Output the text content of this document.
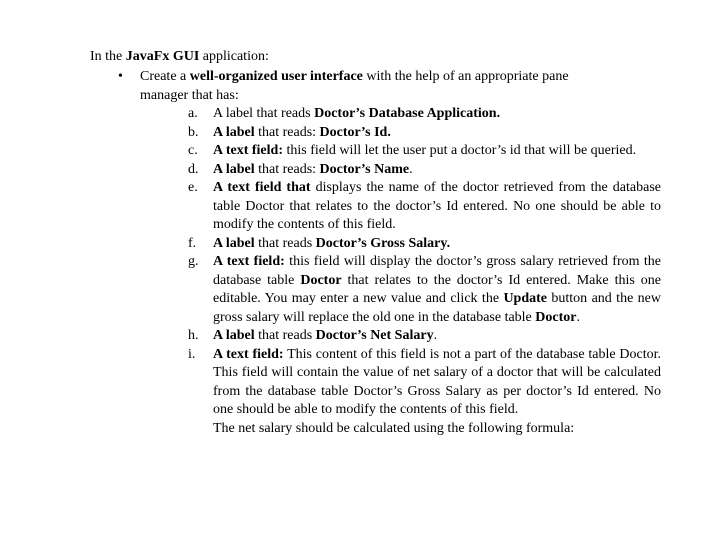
In the JavaFx GUI application:
• Create a well-organized user interface with the help of an appropriate pane
manager that has:
a.	A label that reads Doctor’s Database Application.
b.	A label that reads: Doctor’s Id.
c.	A text field: this field will let the user put a doctor’s id that will be queried.
d.	A label that reads: Doctor’s Name.
e.	A text field that displays the name of the doctor retrieved from the database table Doctor that relates to the doctor’s Id entered. No one should be able to modify the contents of this field.
f.	A label that reads Doctor’s Gross Salary.
g.	A text field: this field will display the doctor’s gross salary retrieved from the database table Doctor that relates to the doctor’s Id entered. Make this one editable. You may enter a new value and click the Update button and the new gross salary will replace the old one in the database table Doctor.
h.	A label that reads Doctor’s Net Salary.
i.	A text field: This content of this field is not a part of the database table Doctor. This field will contain the value of net salary of a doctor that will be calculated from the database table Doctor’s Gross Salary as per doctor’s Id entered. No one should be able to modify the contents of this field.
The net salary should be calculated using the following formula:
